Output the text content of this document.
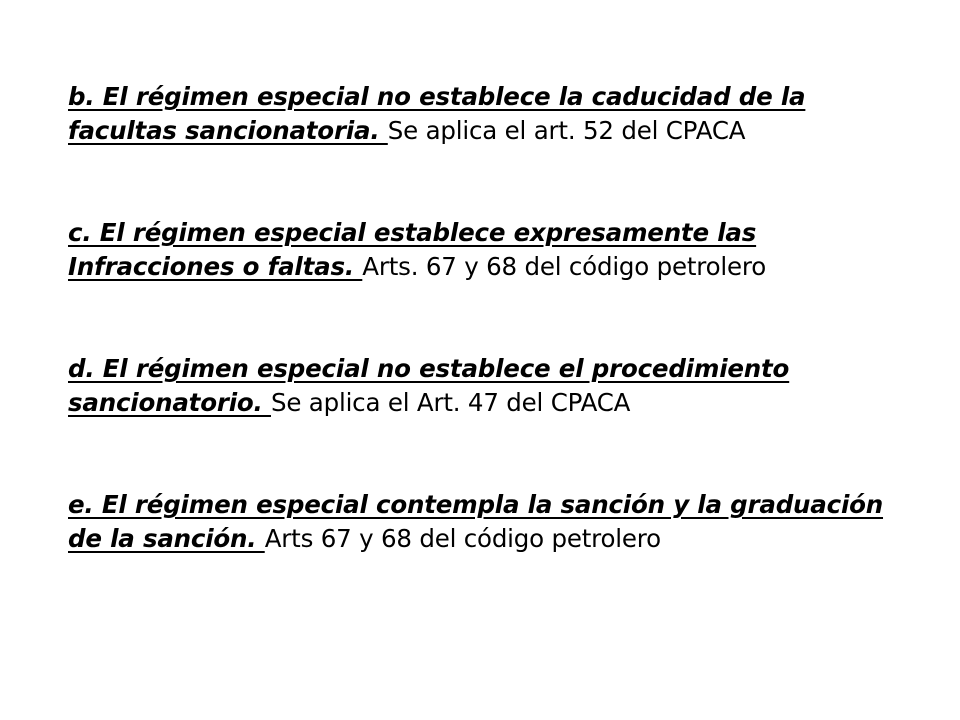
b. El régimen especial no establece la caducidad de la facultas sancionatoria. Se aplica el art. 52 del CPACA

c. El régimen especial establece expresamente las Infracciones o faltas. Arts. 67 y 68 del código petrolero

d. El régimen especial no establece el procedimiento sancionatorio. Se aplica el Art. 47 del CPACA

e. El régimen especial contempla la sanción y la graduación de la sanción. Arts 67 y 68 del código petrolero
